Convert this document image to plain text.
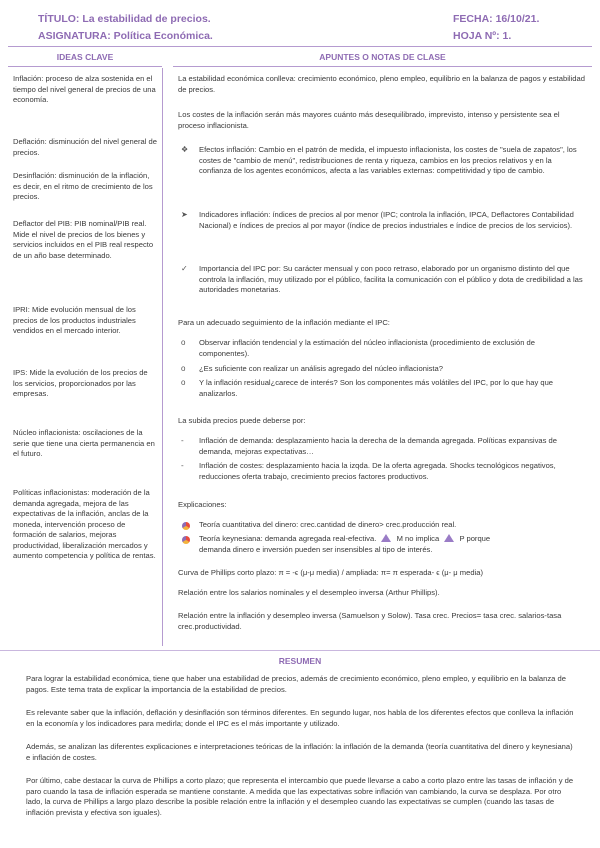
TÍTULO: La estabilidad de precios.
ASIGNATURA: Política Económica.
FECHA: 16/10/21.
HOJA Nº: 1.
IDEAS CLAVE	APUNTES O NOTAS DE CLASE

Inflación: proceso de alza sostenida en el tiempo del nivel general de precios de una economía.

Deflación: disminución del nivel general de precios.

Desinflación: disminución de la inflación, es decir, en el ritmo de crecimiento de los precios.

Deflactor del PIB: PIB nominal/PIB real. Mide el nivel de precios de los bienes y servicios incluidos en el PIB real respecto de un año base determinado.

IPRI: Mide evolución mensual de los precios de los productos industriales vendidos en el mercado interior.

IPS: Mide la evolución de los precios de los servicios, proporcionados por las empresas.

Núcleo inflacionista: oscilaciones de la serie que tiene una cierta permanencia en el futuro.

Políticas inflacionistas: moderación de la demanda agregada, mejora de las expectativas de la inflación, anclas de la moneda, intervención proceso de formación de salarios, mejoras productividad, liberalización mercados y aumento competencia y política de rentas.

La estabilidad económica conlleva: crecimiento económico, pleno empleo, equilibrio en la balanza de pagos y estabilidad de precios.

Los costes de la inflación serán más mayores cuánto más desequilibrado, imprevisto, intenso y persistente sea el proceso inflacionista.

❖ Efectos inflación: Cambio en el patrón de medida, el impuesto inflacionista, los costes de "suela de zapatos", los costes de "cambio de menú", redistribuciones de renta y riqueza, cambios en los precios relativos y en la confianza de los agentes económicos, afecta a las variables externas: competitividad y tipo de cambio.

➤ Indicadores inflación: índices de precios al por menor (IPC; controla la inflación, IPCA, Deflactores Contabilidad Nacional) e índices de precios al por mayor (índice de precios industriales e índice de precios de los servicios).

✓ Importancia del IPC por: Su carácter mensual y con poco retraso, elaborado por un organismo distinto del que controla la inflación, muy utilizado por el público, facilita la comunicación con el público y dota de credibilidad a las autoridades monetarias.

Para un adecuado seguimiento de la inflación mediante el IPC:

o Observar inflación tendencial y la estimación del núcleo inflacionista (procedimiento de exclusión de componentes).

o ¿Es suficiente con realizar un análisis agregado del núcleo inflacionista?

o Y la inflación residual¿carece de interés? Son los componentes más volátiles del IPC, por lo que hay que analizarlos.

La subida precios puede deberse por:

- Inflación de demanda: desplazamiento hacia la derecha de la demanda agregada. Políticas expansivas de demanda, mejoras expectativas…

- Inflación de costes: desplazamiento hacia la izqda. De la oferta agregada. Shocks tecnológicos negativos, reducciones oferta trabajo, crecimiento precios factores productivos.

Explicaciones:

Teoría cuantitativa del dinero: crec.cantidad de dinero> crec.producción real.

Teoría keynesiana: demanda agregada real-efectiva.	M no implica	P porque
demanda dinero e inversión pueden ser insensibles al tipo de interés.

Curva de Phillips corto plazo: π = -ϵ (μ-μ media) / ampliada: π= π esperada- ϵ (μ- μ media)

Relación entre los salarios nominales y el desempleo inversa (Arthur Phillips).

Relación entre la inflación y desempleo inversa (Samuelson y Solow). Tasa crec. Precios= tasa crec. salarios-tasa crec.productividad.

RESUMEN

Para lograr la estabilidad económica, tiene que haber una estabilidad de precios, además de crecimiento económico, pleno empleo, y equilibrio en la balanza de pagos. Este tema trata de explicar la importancia de la estabilidad de precios.

Es relevante saber que la inflación, deflación y desinflación son términos diferentes. En segundo lugar, nos habla de los diferentes efectos que conlleva la inflación en la economía y los indicadores para medirla; donde el IPC es el más importante y utilizado.

Además, se analizan las diferentes explicaciones e interpretaciones teóricas de la inflación: la inflación de la demanda (teoría cuantitativa del dinero y keynesiana) e inflación de costes.

Por último, cabe destacar la curva de Phillips a corto plazo; que representa el intercambio que puede llevarse a cabo a corto plazo entre las tasas de inflación y de paro cuando la tasa de inflación esperada se mantiene constante. A medida que las expectativas sobre inflación van cambiando, la curva se desplaza. Por otro lado, la curva de Phillips a largo plazo describe la posible relación entre la inflación y el desempleo cuando las expectativas se cumplen (cuando las tasas de inflación prevista y efectiva son iguales).
